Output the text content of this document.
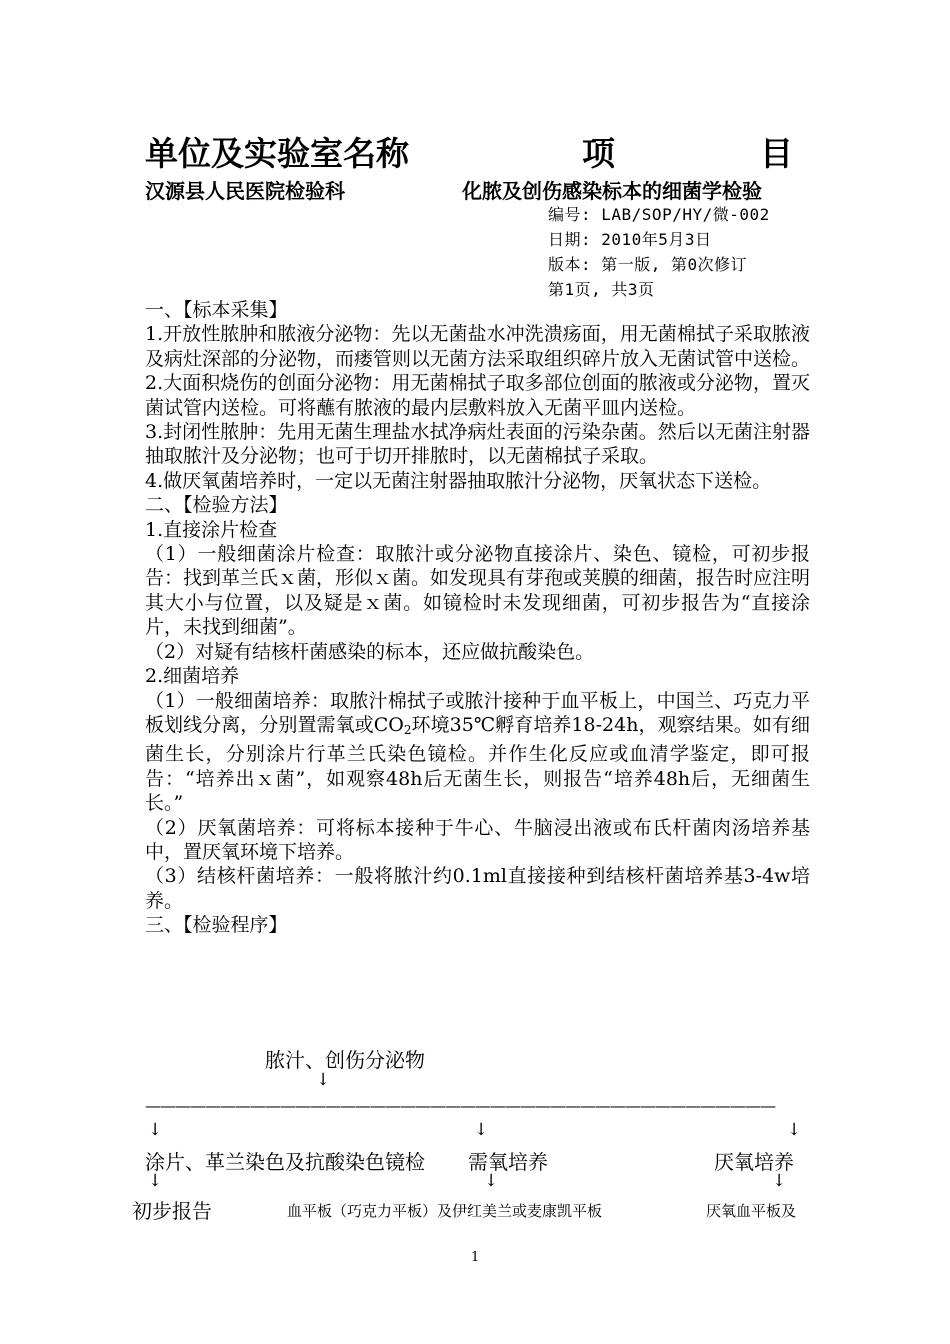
单位及实验室名称	项	目
汉源县人民医院检验科	化脓及创伤感染标本的细菌学检验
编号: LAB/SOP/HY/微-002
日期: 2010年5月3日
版本: 第一版, 第0次修订
第1页, 共3页

一、【标本采集】

1.开放性脓肿和脓液分泌物：先以无菌盐水冲洗溃疡面，用无菌棉拭子采取脓液及病灶深部的分泌物，而瘘管则以无菌方法采取组织碎片放入无菌试管中送检。

2.大面积烧伤的创面分泌物：用无菌棉拭子取多部位创面的脓液或分泌物，置灭菌试管内送检。可将蘸有脓液的最内层敷料放入无菌平皿内送检。

3.封闭性脓肿：先用无菌生理盐水拭净病灶表面的污染杂菌。然后以无菌注射器抽取脓汁及分泌物；也可于切开排脓时，以无菌棉拭子采取。

4.做厌氧菌培养时，一定以无菌注射器抽取脓汁分泌物，厌氧状态下送检。

二、【检验方法】

1.直接涂片检查

（1）一般细菌涂片检查：取脓汁或分泌物直接涂片、染色、镜检，可初步报告：找到革兰氏ｘ菌，形似ｘ菌。如发现具有芽孢或荚膜的细菌，报告时应注明其大小与位置，以及疑是ｘ菌。如镜检时未发现细菌，可初步报告为“直接涂片，未找到细菌”。

（2）对疑有结核杆菌感染的标本，还应做抗酸染色。

2.细菌培养

（1）一般细菌培养：取脓汁棉拭子或脓汁接种于血平板上，中国兰、巧克力平板划线分离，分别置需氧或$CO_2$环境35℃孵育培养18-24h，观察结果。如有细菌生长，分别涂片行革兰氏染色镜检。并作生化反应或血清学鉴定，即可报告：“培养出ｘ菌”，如观察48h后无菌生长，则报告“培养48h后，无细菌生长。”

（2）厌氧菌培养：可将标本接种于牛心、牛脑浸出液或布氏杆菌肉汤培养基中，置厌氧环境下培养。

（3）结核杆菌培养：一般将脓汁约0.1ml直接接种到结核杆菌培养基3-4w培养。

三、【检验程序】

脓汁、创伤分泌物
↓
——————————————————————————————————————————
↓	↓	↓
涂片、革兰染色及抗酸染色镜检 需氧培养	厌氧培养
↓	↓	↓
初步报告	血平板（巧克力平板）及伊红美兰或麦康凯平板	厌氧血平板及
1
